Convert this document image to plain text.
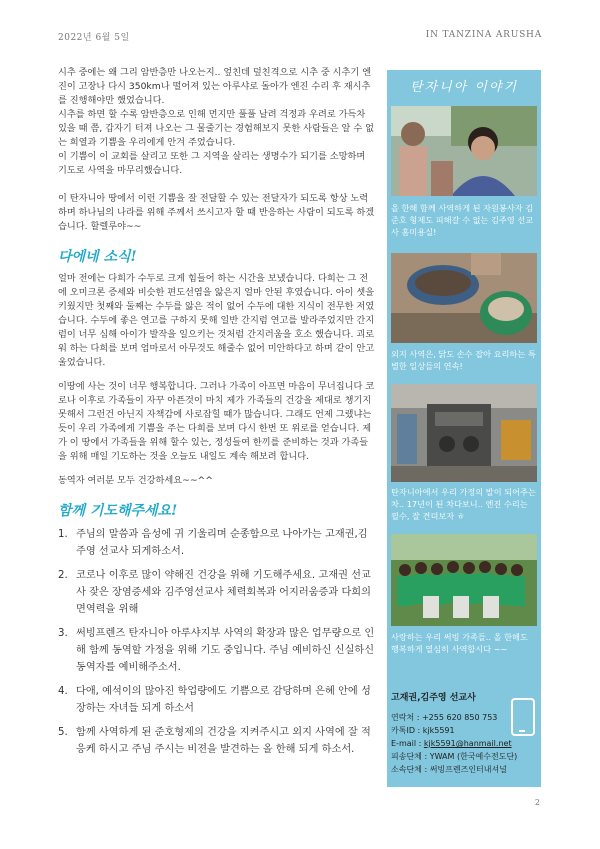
2022년 6월 5일	IN TANZINA ARUSHA

시추 중에는 왜 그리 암반층만 나오는지.. 엎친데 덮친격으로 시추 중 시추기 엔진이 고장나 다시 350km나 떨어져 있는 아루샤로 돌아가 엔진 수리 후 재시추를 진행해야만 했었습니다.

시추를 하면 할 수록 암반층으로 인해 먼지만 풀풀 날려 걱정과 우려로 가득차 있을 때 쯤, 갑자기 터져 나오는 그 물줄기는 경험해보지 못한 사람들은 알 수 없는 희열과 기쁨을 우리에게 안겨 주었습니다.

이 기쁨이 이 교회를 살리고 또한 그 지역을 살리는 생명수가 되기를 소망하며 기도로 사역을 마무리했습니다.

이 탄자니아 땅에서 이런 기쁨을 잘 전달할 수 있는 전달자가 되도록 항상 노력하며 하나님의 나라를 위해 주께서 쓰시고자 할 때 반응하는 사람이 되도록 하겠습니다. 할렐루야~~

다에네 소식!

얼마 전에는 다희가 수두로 크게 힘들어 하는 시간을 보냈습니다. 다희는 그 전에 오미크론 증세와 비슷한 편도선염을 앓은지 얼마 안된 후였습니다. 아이 셋을 키웠지만 첫째와 둘째는 수두를 앓은 적이 없어 수두에 대한 지식이 전무한 저였습니다. 수두에 좋은 연고를 구하지 못해 일반 간지럼 연고를 발라주었지만 간지럼이 너무 심해 아이가 발작을 일으키는 것처럼 간지러움을 호소 했습니다. 괴로워 하는 다희를 보며 엄마로서 아무것도 해줄수 없어 미안하다고 하며 같이 안고 울었습니다.

이땅에 사는 것이 너무 행복합니다. 그러나 가족이 아프면 마음이 무너집니다 코로나 이후로 가족들이 자꾸 아픈것이 마치 제가 가족들의 건강을 제대로 챙기지 못해서 그런건 아닌지 자책감에 사로잡힐 때가 많습니다. 그래도 언제 그랬냐는 듯이 우리 가족에게 기쁨을 주는 다희를 보며 다시 한번 또 위로를 얻습니다. 제가 이 땅에서 가족들을 위해 할수 있는, 정성들여 한끼를 준비하는 것과 가족들을 위해 매일 기도하는 것을 오늘도 내일도 계속 해보려 합니다.

동역자 여러분 모두 건강하세요~~^^

함께 기도해주세요!
1. 주님의 말씀과 음성에 귀 기울리며 순종함으로 나아가는 고재권,김주영 선교사 되게하소서.
2. 코로나 이후로 많이 약해진 건강을 위해 기도해주세요. 고재권 선교사 잦은 장염증세와 김주영선교사 체력회복과 어지러움증과 다희의 면역력을 위해
3. 써빙프렌즈 탄자니아 아루샤지부 사역의 확장과 많은 업무량으로 인해 함께 동역할 가정을 위해 기도 중입니다. 주님 예비하신 신실하신 동역자를 예비해주소서.
4. 다애, 예석이의 많아진 학업량에도 기쁨으로 감당하며 은혜 안에 성장하는 자녀들 되게 하소서
5. 함께 사역하게 된 준호형제의 건강을 지켜주시고 외지 사역에 잘 적응케 하시고 주님 주시는 비젼을 발견하는 올 한해 되게 하소서.
탄자니아 이야기
올 한해 함께 사역하게 된 자원봉사자 김준호 형제도 피해갈 수 없는 김주영 선교사 홈미용실!
외지 사역은, 닭도 손수 잡아 요리하는 특별한 일상들의 연속!
탄자니아에서 우리 가정의 발이 되어주는 차.. 17년이 된 차다보니.. 엔진 수리는 필수, 잘 견뎌보자 ㅎ
사랑하는 우리 써빙 가족들.. 올 한해도 행복하게 열심히 사역합시다 ~~
고재권,김주영 선교사
연락처 : +255 620 850 753
카톡ID : kjk5591
E-mail : kjk5591@hanmail.net
피송단체 : YWAM (한국예수전도단)
소속단체 : 써빙프렌즈인터내셔널
2
